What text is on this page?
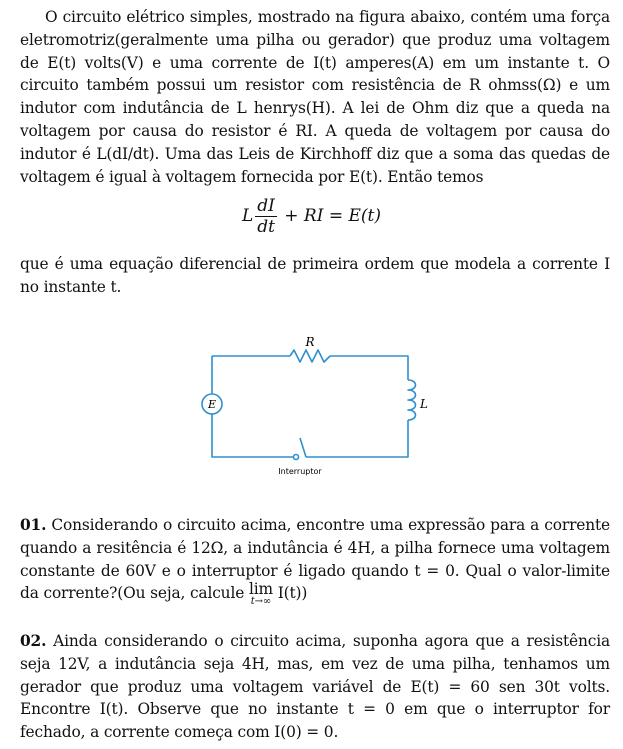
O circuito elétrico simples, mostrado na figura abaixo, contém uma força eletromotriz(geralmente uma pilha ou gerador) que produz uma voltagem de E(t) volts(V) e uma corrente de I(t) amperes(A) em um instante t. O circuito também possui um resistor com resistência de R ohmss(Ω) e um indutor com indutância de L henrys(H). A lei de Ohm diz que a queda na voltagem por causa do resistor é RI. A queda de voltagem por causa do indutor é L(dI/dt). Uma das Leis de Kirchhoff diz que a soma das quedas de voltagem é igual à voltagem fornecida por E(t). Então temos

L $\frac{dI}{dt}$ + RI = E(t)

que é uma equação diferencial de primeira ordem que modela a corrente I no instante t.

R
L
E
Interruptor

01. Considerando o circuito acima, encontre uma expressão para a corrente quando a resitência é 12Ω, a indutância é 4H, a pilha fornece uma voltagem constante de 60V e o interruptor é ligado quando t = 0. Qual o valor-limite da corrente?(Ou seja, calcule lim
t→∞ I(t))

02. Ainda considerando o circuito acima, suponha agora que a resistência seja 12V, a indutância seja 4H, mas, em vez de uma pilha, tenhamos um gerador que produz uma voltagem variável de E(t) = 60 sen 30t volts. Encontre I(t). Observe que no instante t = 0 em que o interruptor for fechado, a corrente começa com I(0) = 0.
